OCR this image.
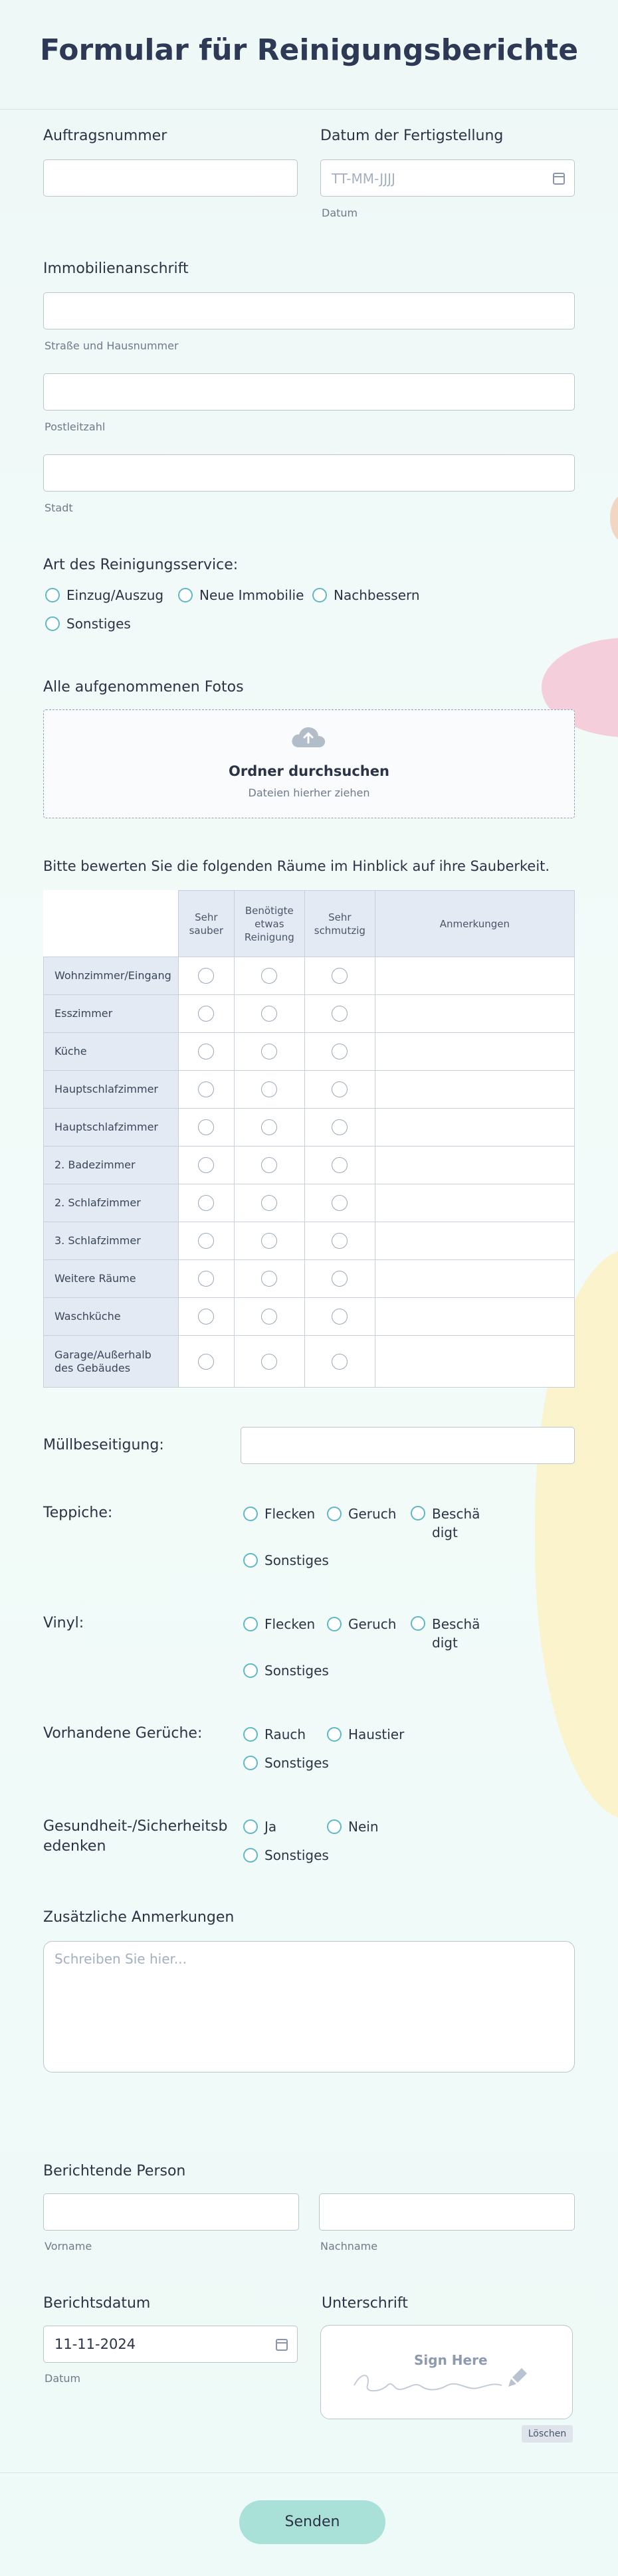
Formular für Reinigungsberichte
Auftragsnummer	Datum der Fertigstellung
TT-MM-JJJJ
Datum
Immobilienanschrift
Straße und Hausnummer
Postleitzahl
Stadt
Art des Reinigungsservice:
Einzug/Auszug	Neue Immobilie Nachbessern
Sonstiges
Alle aufgenommenen Fotos
Ordner durchsuchen
Dateien hierher ziehen
Bitte bewerten Sie die folgenden Räume im Hinblick auf ihre Sauberkeit.
	Sehr sauber	Benötigte etwas Reinigung	Sehr schmutzig	Anmerkungen
Wohnzimmer/Eingang				
Esszimmer				
Küche				
Hauptschlafzimmer				
Hauptschlafzimmer				
2. Badezimmer				
2. Schlafzimmer				
3. Schlafzimmer				
Weitere Räume				
Waschküche				
Garage/Außerhalb des Gebäudes				
Müllbeseitigung:
Teppiche:	Flecken Geruch	Beschädigt
Sonstiges
Vinyl:	Flecken Geruch	Beschädigt
Sonstiges
Vorhandene Gerüche:	Rauch	Haustier
Sonstiges
Gesundheit-/Sicherheitsbedenken
Ja	Nein
Sonstiges
Zusätzliche Anmerkungen
Schreiben Sie hier...
Berichtende Person
Vorname	Nachname
Berichtsdatum
11-11-2024
Datum
Unterschrift
Sign Here
Löschen
Senden
